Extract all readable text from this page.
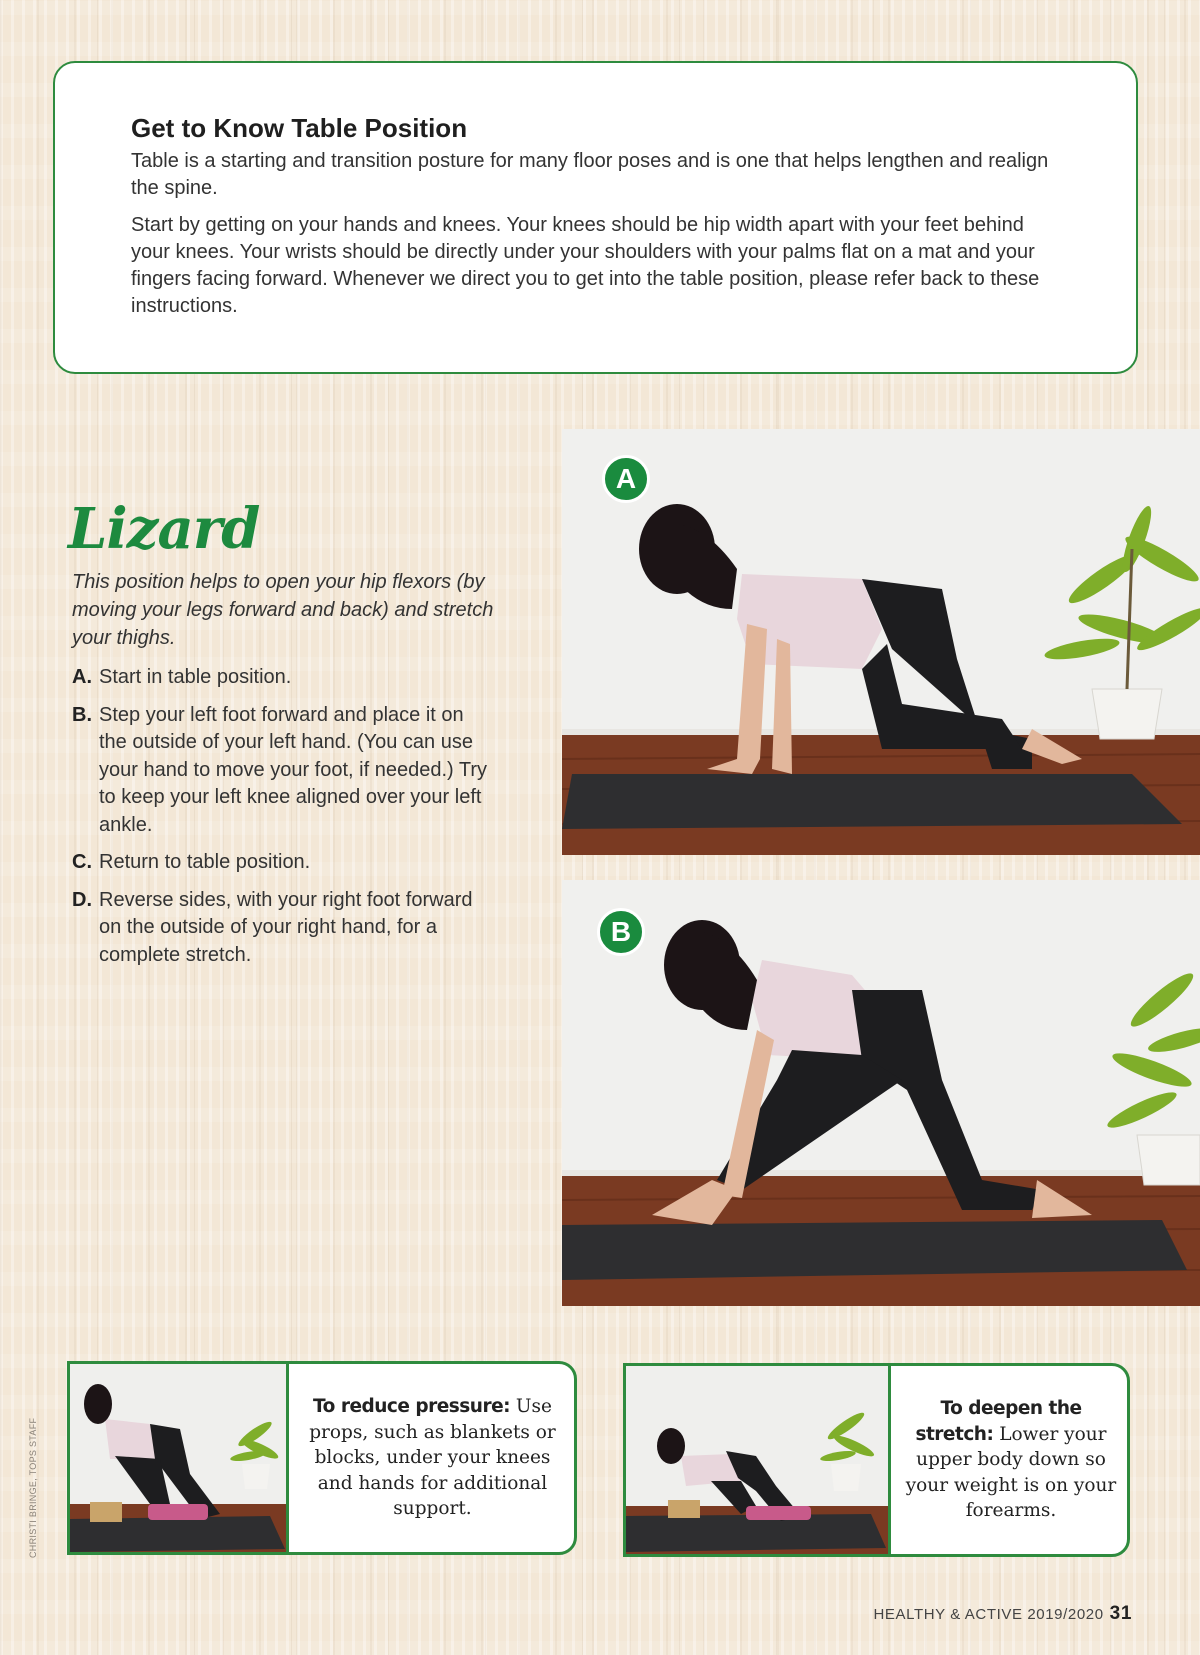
Get to Know Table Position

Table is a starting and transition posture for many floor poses and is one that helps lengthen and realign the spine.

Start by getting on your hands and knees. Your knees should be hip width apart with your feet behind your knees. Your wrists should be directly under your shoulders with your palms flat on a mat and your fingers facing forward. Whenever we direct you to get into the table position, please refer back to these instructions.

Lizard

This position helps to open your hip flexors (by moving your legs forward and back) and stretch your thighs.

A. Start in table position.
B. Step your left foot forward and place it on the outside of your left hand. (You can use your hand to move your foot, if needed.) Try to keep your left knee aligned over your left ankle.
C. Return to table position.
D. Reverse sides, with your right foot forward on the outside of your right hand, for a complete stretch.
A
B
To reduce pressure: Use props, such as blankets or blocks, under your knees and hands for additional support.
To deepen the stretch: Lower your upper body down so your weight is on your forearms.

CHRISTI BRINGE, TOPS STAFF

HEALTHY & ACTIVE 2019/2020 31
